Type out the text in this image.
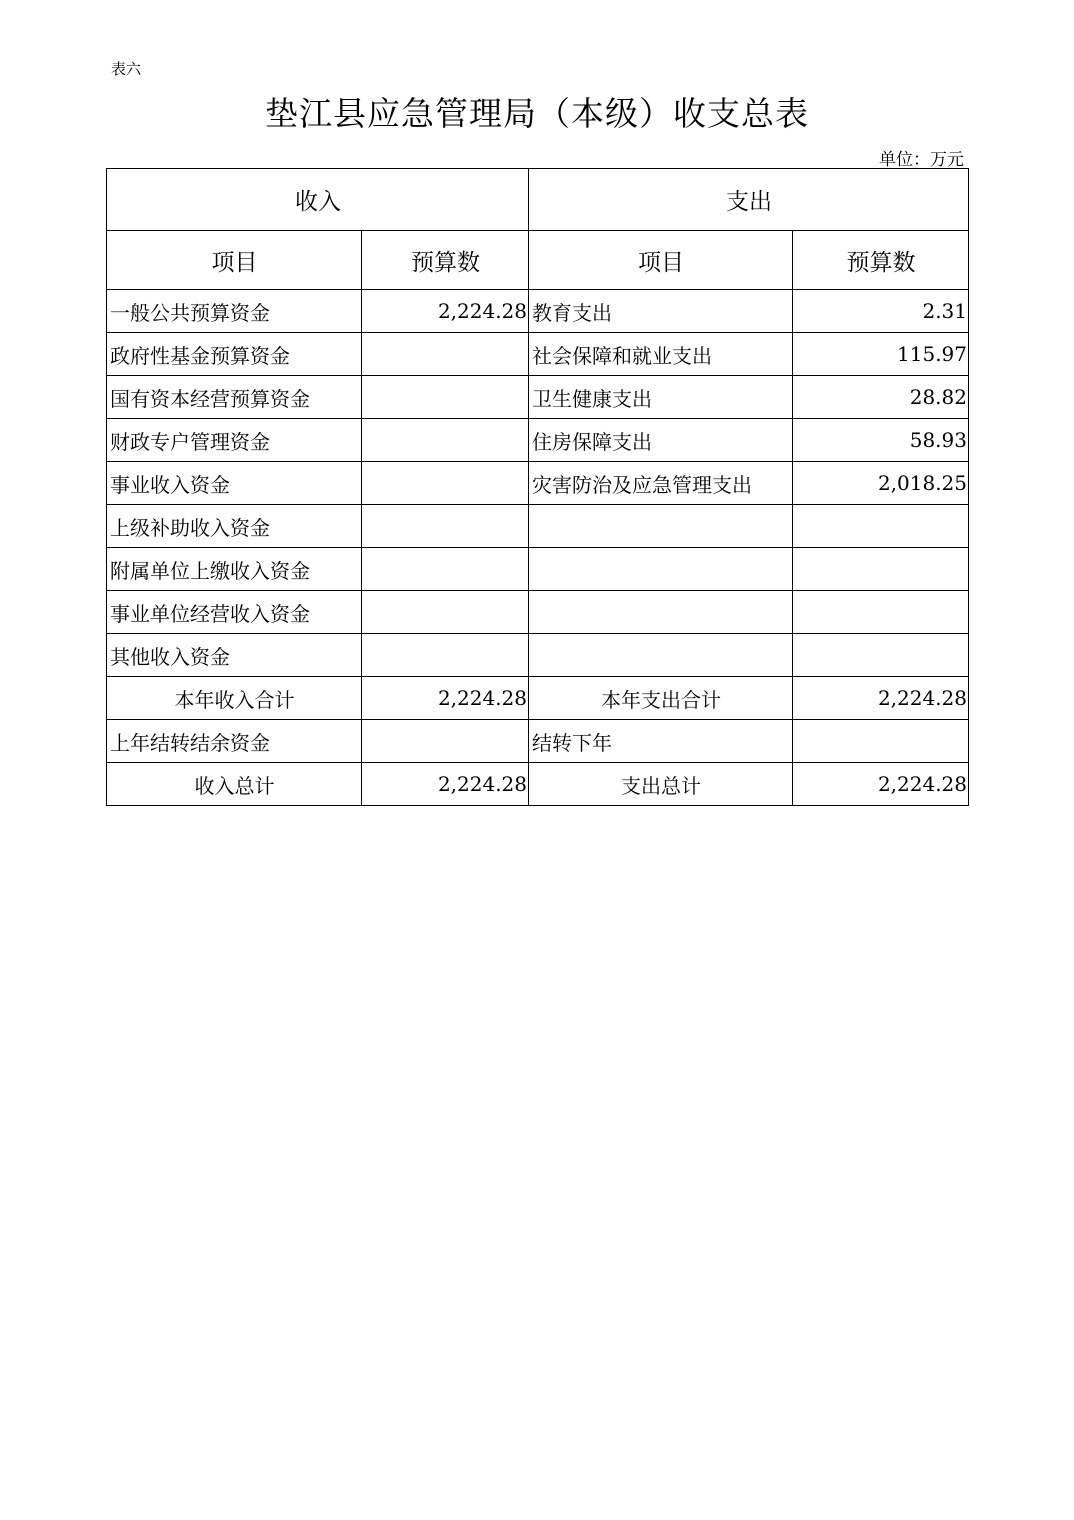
表六
垫江县应急管理局（本级）收支总表
单位：万元
收入		支出	
项目	预算数	项目	预算数
一般公共预算资金	2,224.28	教育支出	2.31
政府性基金预算资金		社会保障和就业支出	115.97
国有资本经营预算资金		卫生健康支出	28.82
财政专户管理资金		住房保障支出	58.93
事业收入资金		灾害防治及应急管理支出	2,018.25
上级补助收入资金			
附属单位上缴收入资金			
事业单位经营收入资金			
其他收入资金			
本年收入合计	2,224.28	本年支出合计	2,224.28
上年结转结余资金		结转下年	
收入总计	2,224.28	支出总计	2,224.28
